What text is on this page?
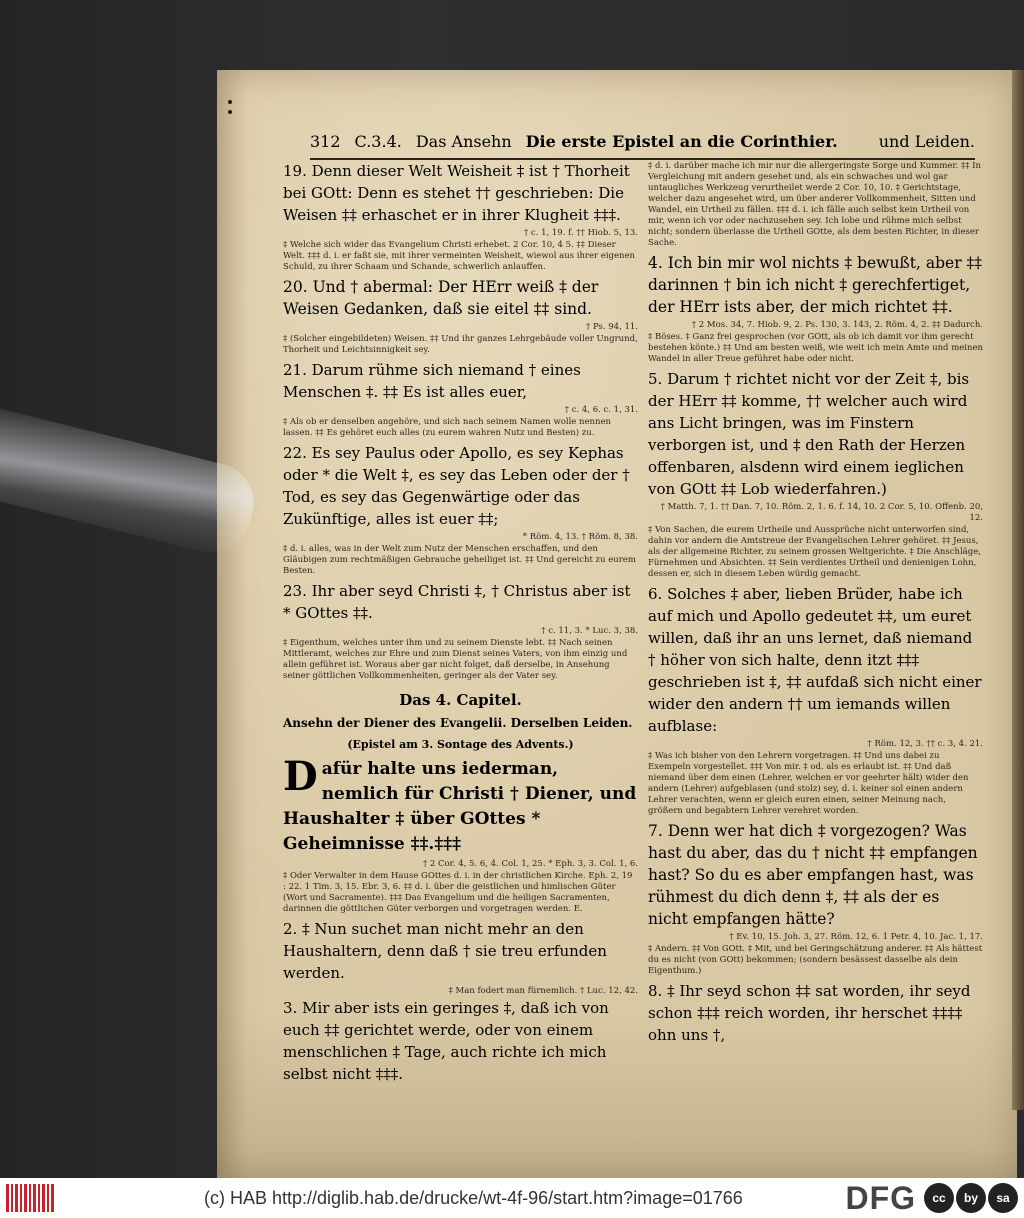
312 C.3.4. Das Ansehn Die erste Epistel an die Corinthier.	und Leiden.

19. Denn dieser Welt Weisheit ‡ ist † Thorheit bei GOtt: Denn es stehet †† geschrieben: Die Weisen ‡‡ erhaschet er in ihrer Klugheit ‡‡‡.

† c. 1, 19. f. †† Hiob. 5, 13.

‡ Welche sich wider das Evangelium Christi erhebet. 2 Cor. 10, 4 5. ‡‡ Dieser Welt. ‡‡‡ d. i. er faßt sie, mit ihrer vermeinten Weisheit, wiewol aus ihrer eigenen Schuld, zu ihrer Schaam und Schande, schwerlich anlauffen.

20. Und † abermal: Der HErr weiß ‡ der Weisen Gedanken, daß sie eitel ‡‡ sind.

† Ps. 94, 11.

‡ (Solcher eingebildeten) Weisen. ‡‡ Und ihr ganzes Lehrgebäude voller Ungrund, Thorheit und Leichtsinnigkeit sey.

21. Darum rühme sich niemand † eines Menschen ‡. ‡‡ Es ist alles euer,

† c. 4, 6. c. 1, 31.

‡ Als ob er denselben angehöre, und sich nach seinem Namen wolle nennen lassen. ‡‡ Es gehöret euch alles (zu eurem wahren Nutz und Besten) zu.

22. Es sey Paulus oder Apollo, es sey Kephas oder * die Welt ‡, es sey das Leben oder der † Tod, es sey das Gegenwärtige oder das Zukünftige, alles ist euer ‡‡;

* Röm. 4, 13. † Röm. 8, 38.

‡ d. i. alles, was in der Welt zum Nutz der Menschen erschaffen, und den Gläubigen zum rechtmäßigen Gebrauche geheiliget ist. ‡‡ Und gereicht zu eurem Besten.

23. Ihr aber seyd Christi ‡, † Christus aber ist * GOttes ‡‡.

† c. 11, 3. * Luc. 3, 38.

‡ Eigenthum, welches unter ihm und zu seinem Dienste lebt. ‡‡ Nach seinen Mittleramt, welches zur Ehre und zum Dienst seines Vaters, von ihm einzig und allein geführet ist. Woraus aber gar nicht folget, daß derselbe, in Ansehung seiner göttlichen Vollkommenheiten, geringer als der Vater sey.

Das 4. Capitel.

Ansehn der Diener des Evangelii. Derselben Leiden.

(Epistel am 3. Sontage des Advents.)

Dafür halte uns iederman, nemlich für Christi † Diener, und Haushalter ‡ über GOttes * Geheimnisse ‡‡.‡‡‡

† 2 Cor. 4, 5. 6, 4. Col. 1, 25. * Eph. 3, 3. Col. 1, 6.

‡ Oder Verwalter in dem Hause GOttes d. i. in der christlichen Kirche. Eph. 2, 19 : 22. 1 Tim. 3, 15. Ebr. 3, 6. ‡‡ d. i. über die geistlichen und himlischen Güter (Wort und Sacramente). ‡‡‡ Das Evangelium und die heiligen Sacramenten, darinnen die göttlichen Güter verborgen und vorgetragen werden. E.

2. ‡ Nun suchet man nicht mehr an den Haushaltern, denn daß † sie treu erfunden werden.

‡ Man fodert man fürnemlich. † Luc. 12, 42.

3. Mir aber ists ein geringes ‡, daß ich von euch ‡‡ gerichtet werde, oder von einem menschlichen ‡ Tage, auch richte ich mich selbst nicht ‡‡‡.

‡ d. i. darüber mache ich mir nur die allergeringste Sorge und Kummer. ‡‡ In Vergleichung mit andern gesehet und, als ein schwaches und wol gar untaugliches Werkzeug verurtheilet werde 2 Cor. 10, 10. ‡ Gerichtstage, welcher dazu angesehet wird, um über anderer Vollkommenheit, Sitten und Wandel, ein Urtheil zu fällen. ‡‡‡ d. i. ich fälle auch selbst kein Urtheil von mir, wenn ich vor oder nachzusehen sey. Ich lobe und rühme mich selbst nicht; sondern überlasse die Urtheil GOtte, als dem besten Richter, in dieser Sache.

4. Ich bin mir wol nichts ‡ bewußt, aber ‡‡ darinnen † bin ich nicht ‡ gerechfertiget, der HErr ists aber, der mich richtet ‡‡.

† 2 Mos. 34, 7. Hiob. 9, 2. Ps. 130, 3. 143, 2. Röm. 4, 2. ‡‡ Dadurch.

‡ Böses. ‡ Ganz frei gesprochen (vor GOtt, als ob ich damit vor ihm gerecht bestehen könte.) ‡‡ Und am besten weiß, wie weit ich mein Amte und meinen Wandel in aller Treue geführet habe oder nicht.

5. Darum † richtet nicht vor der Zeit ‡, bis der HErr ‡‡ komme, †† welcher auch wird ans Licht bringen, was im Finstern verborgen ist, und ‡ den Rath der Herzen offenbaren, alsdenn wird einem ieglichen von GOtt ‡‡ Lob wiederfahren.)

† Matth. 7, 1. †† Dan. 7, 10. Röm. 2, 1. 6. f. 14, 10. 2 Cor. 5, 10. Offenb. 20, 12.

‡ Von Sachen, die eurem Urtheile und Aussprüche nicht unterworfen sind, dahin vor andern die Amtstreue der Evangelischen Lehrer gehöret. ‡‡ Jesus, als der allgemeine Richter, zu seinem grossen Weltgerichte. ‡ Die Anschläge, Fürnehmen und Absichten. ‡‡ Sein verdientes Urtheil und denienigen Lohn, dessen er, sich in diesem Leben würdig gemacht.

6. Solches ‡ aber, lieben Brüder, habe ich auf mich und Apollo gedeutet ‡‡, um euret willen, daß ihr an uns lernet, daß niemand † höher von sich halte, denn itzt ‡‡‡ geschrieben ist ‡, ‡‡ aufdaß sich nicht einer wider den andern †† um iemands willen aufblase:

† Röm. 12, 3. †† c. 3, 4. 21.

‡ Was ich bisher von den Lehrern vorgetragen. ‡‡ Und uns dabei zu Exempeln vorgestellet. ‡‡‡ Von mir. ‡ od. als es erlaubt ist. ‡‡ Und daß niemand über dem einen (Lehrer, welchen er vor geehrter hält) wider den andern (Lehrer) aufgeblasen (und stolz) sey, d. i. keiner sol einen andern Lehrer verachten, wenn er gleich euren einen, seiner Meinung nach, größern und begabtern Lehrer verehret worden.

7. Denn wer hat dich ‡ vorgezogen? Was hast du aber, das du † nicht ‡‡ empfangen hast? So du es aber empfangen hast, was rühmest du dich denn ‡, ‡‡ als der es nicht empfangen hätte?

† Ev. 10, 15. Joh. 3, 27. Röm. 12, 6. 1 Petr. 4, 10. Jac. 1, 17.

‡ Andern. ‡‡ Von GOtt. ‡ Mit, und bei Geringschätzung anderer. ‡‡ Als hättest du es nicht (von GOtt) bekommen; (sondern besässest dasselbe als dein Eigenthum.)

8. ‡ Ihr seyd schon ‡‡ sat worden, ihr seyd schon ‡‡‡ reich worden, ihr herschet ‡‡‡‡ ohn uns †,

(c) HAB http://diglib.hab.de/drucke/wt-4f-96/start.htm?image=01766	DFG	cc	by	sa
